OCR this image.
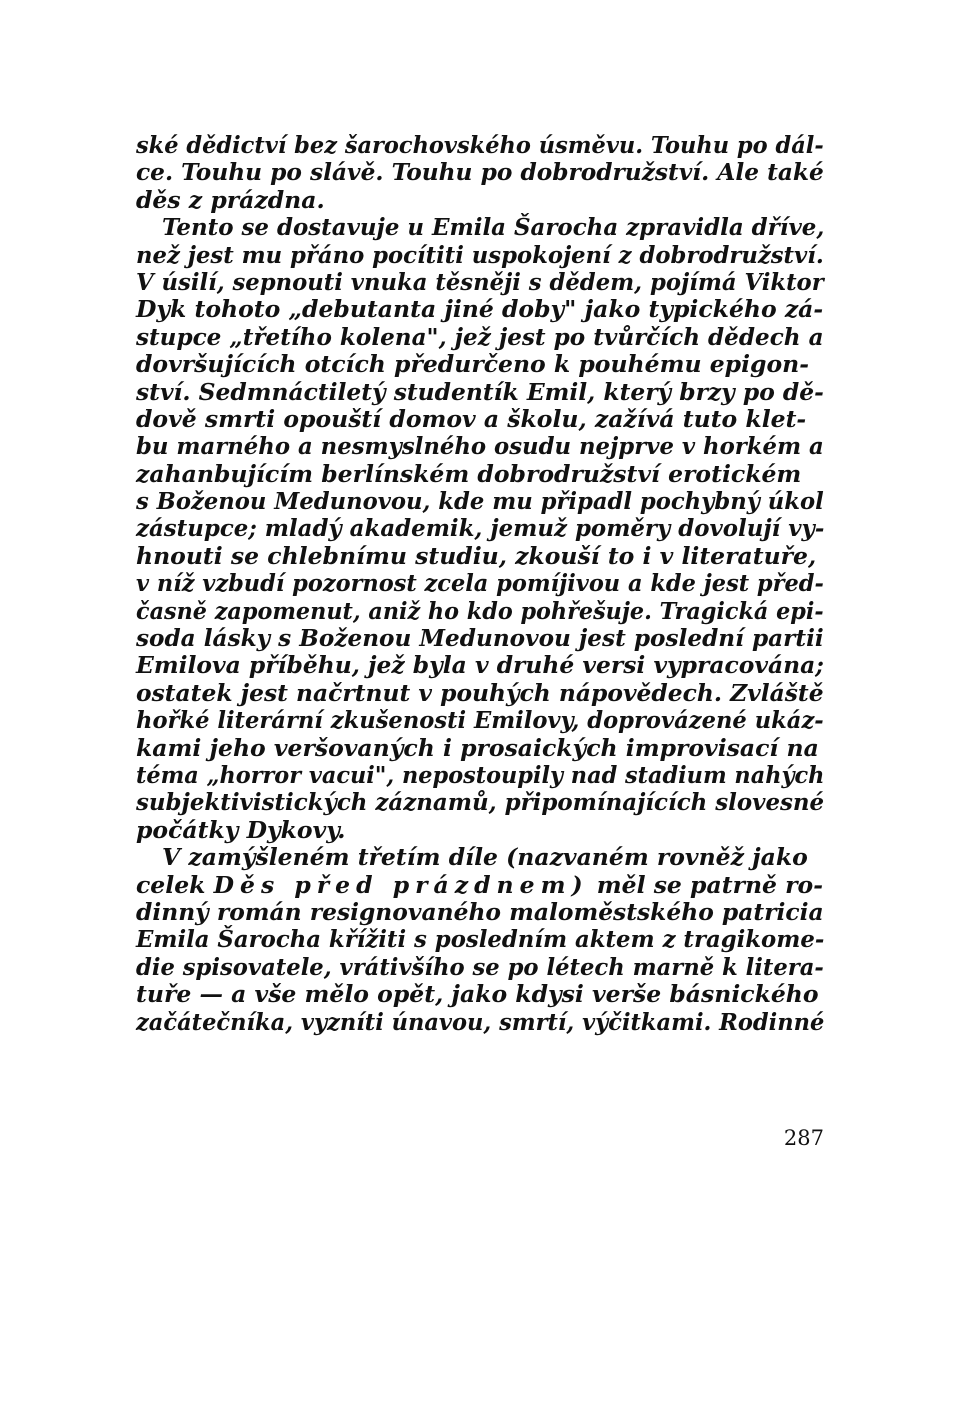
ské dědictví bez šarochovského úsměvu. Touhu po dál-
ce. Touhu po slávě. Touhu po dobrodružství. Ale také
děs z prázdna.
Tento se dostavuje u Emila Šarocha zpravidla dříve,
než jest mu přáno pocítiti uspokojení z dobrodružství.
V úsilí, sepnouti vnuka těsněji s dědem, pojímá Viktor
Dyk tohoto „debutanta jiné doby" jako typického zá-
stupce „třetího kolena", jež jest po tvůrčích dědech a
dovršujících otcích předurčeno k pouhému epigon-
ství. Sedmnáctiletý studentík Emil, který brzy po dě-
dově smrti opouští domov a školu, zažívá tuto klet-
bu marného a nesmyslného osudu nejprve v horkém a
zahanbujícím berlínském dobrodružství erotickém
s Boženou Medunovou, kde mu připadl pochybný úkol
zástupce; mladý akademik, jemuž poměry dovolují vy-
hnouti se chlebnímu studiu, zkouší to i v literatuře,
v níž vzbudí pozornost zcela pomíjivou a kde jest před-
časně zapomenut, aniž ho kdo pohřešuje. Tragická epi-
soda lásky s Boženou Medunovou jest poslední partii
Emilova příběhu, jež byla v druhé versi vypracována;
ostatek jest načrtnut v pouhých nápovědech. Zvláště
hořké literární zkušenosti Emilovy, doprovázené ukáz-
kami jeho veršovaných i prosaických improvisací na
téma „horror vacui", nepostoupily nad stadium nahých
subjektivistických záznamů, připomínajících slovesné
počátky Dykovy.
V zamýšleném třetím díle (nazvaném rovněž jako
celek Děs před prázdnem) měl se patrně ro-
dinný román resignovaného maloměstského patricia
Emila Šarocha křížiti s posledním aktem z tragikome-
die spisovatele, vrátivšího se po létech marně k litera-
tuře — a vše mělo opět, jako kdysi verše básnického
začátečníka, vyzníti únavou, smrtí, výčitkami. Rodinné
287
